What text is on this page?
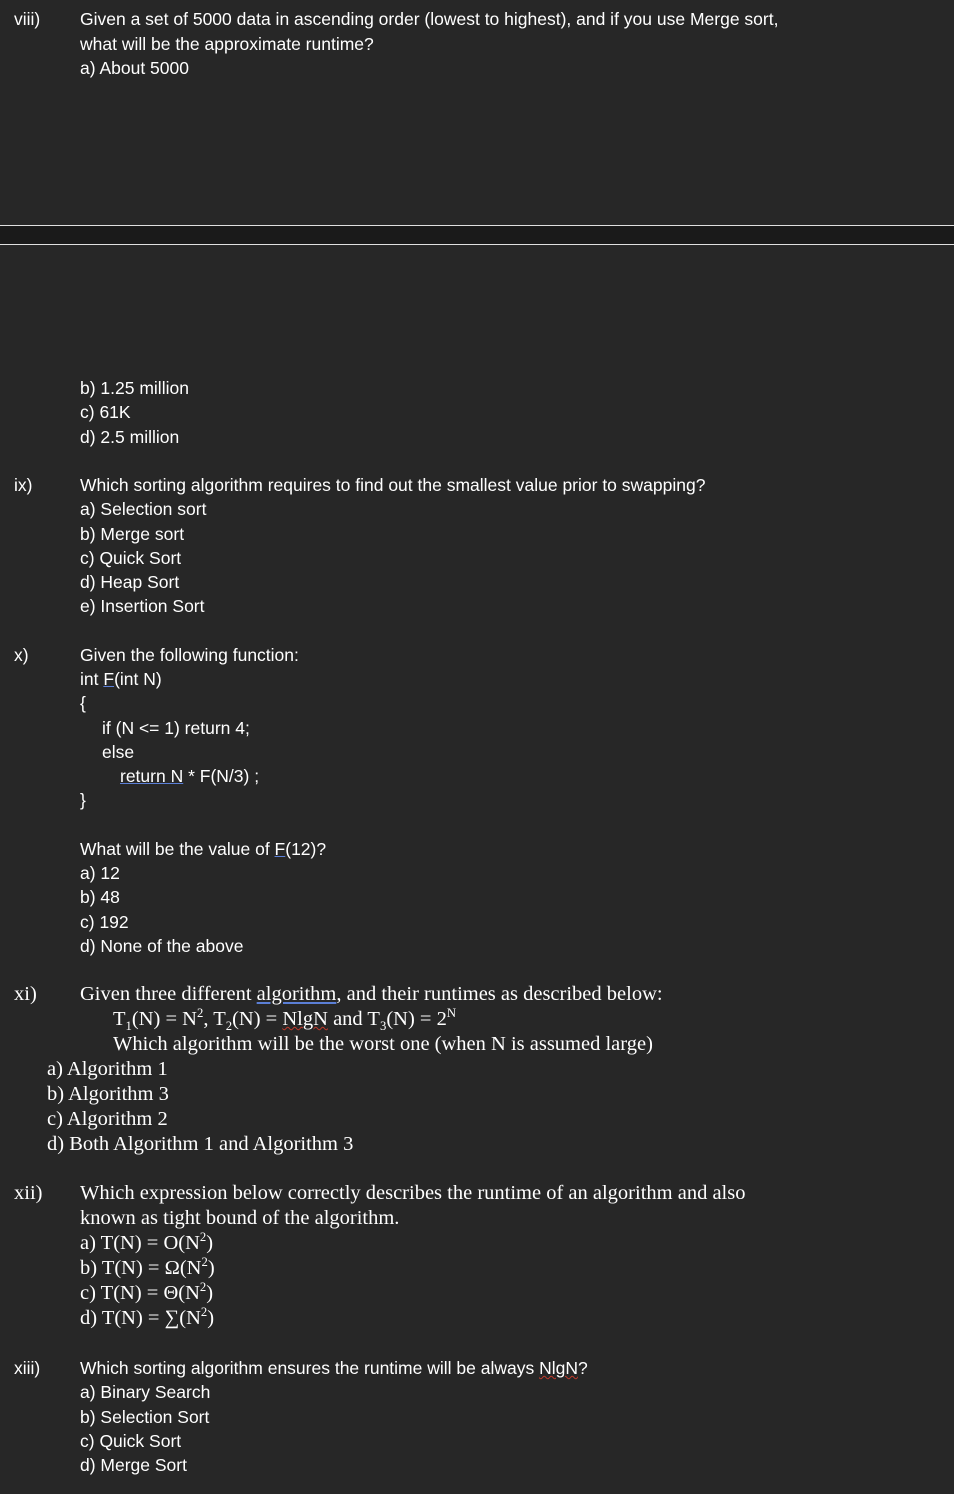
viii) Given a set of 5000 data in ascending order (lowest to highest), and if you use Merge sort,
what will be the approximate runtime?
a) About 5000
b) 1.25 million
c) 61K
d) 2.5 million
ix)	Which sorting algorithm requires to find out the smallest value prior to swapping?
a) Selection sort
b) Merge sort
c) Quick Sort
d) Heap Sort
e) Insertion Sort
x)	Given the following function:
int F(int N)
{
if (N <= 1) return 4;
else
return N * F(N/3) ;
}
What will be the value of F(12)?
a) 12
b) 48
c) 192
d) None of the above
xi) Given three different algorithm, and their runtimes as described below:
$T_1(N) = N^2$, $T_2(N) = NlgN$ and $T_3(N) = 2^N$
Which algorithm will be the worst one (when N is assumed large)
a) Algorithm 1
b) Algorithm 3
c) Algorithm 2
d) Both Algorithm 1 and Algorithm 3
xii) Which expression below correctly describes the runtime of an algorithm and also
known as tight bound of the algorithm.
a) $T(N) = O(N^2)$
b) $T(N) = \Omega(N^2)$
c) $T(N) = \Theta(N^2)$
d) $T(N) = \sum(N^2)$
xiii) Which sorting algorithm ensures the runtime will be always NlgN?
a) Binary Search
b) Selection Sort
c) Quick Sort
d) Merge Sort
